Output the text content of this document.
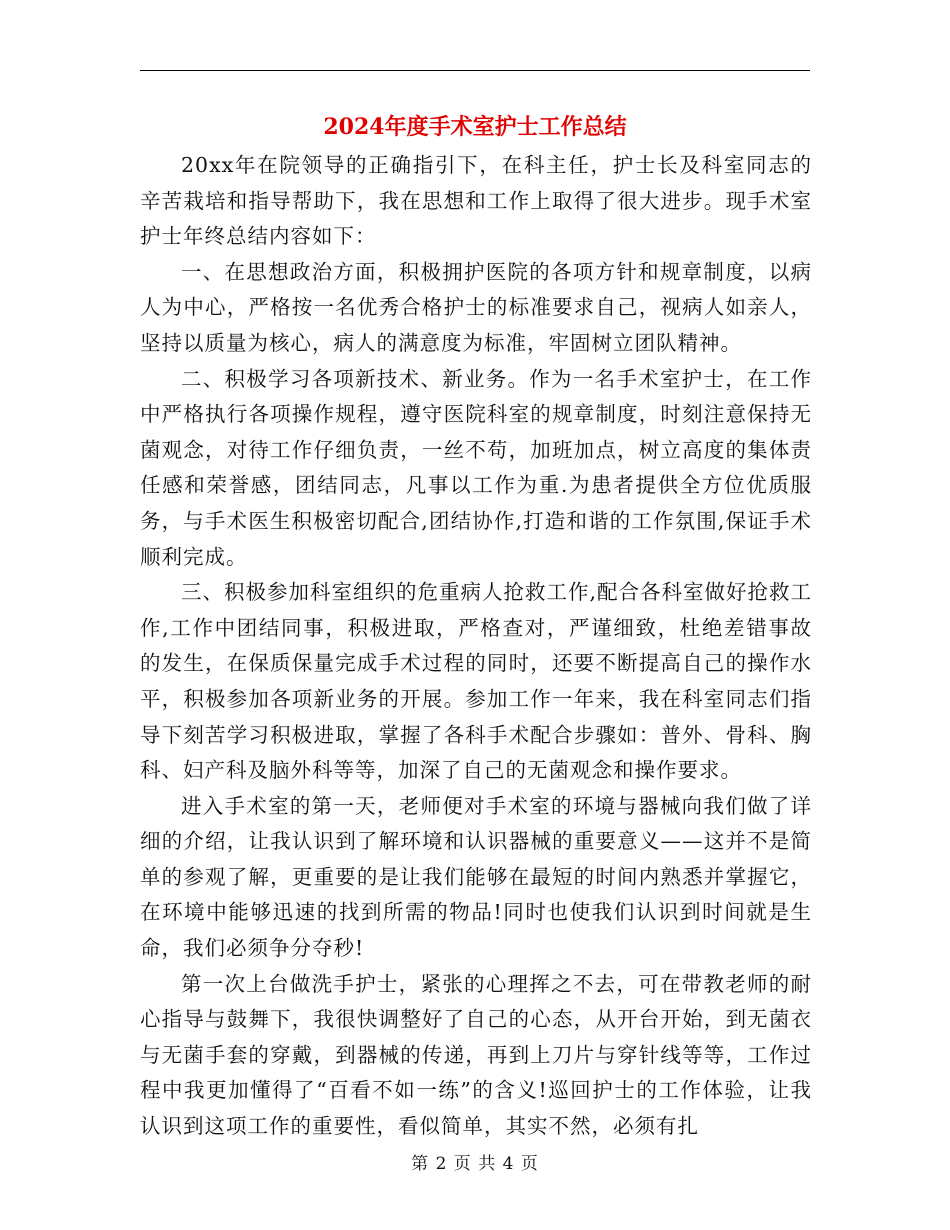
2024年度手术室护士工作总结

20xx年在院领导的正确指引下，在科主任，护士长及科室同志的辛苦栽培和指导帮助下，我在思想和工作上取得了很大进步。现手术室护士年终总结内容如下：

一、在思想政治方面，积极拥护医院的各项方针和规章制度，以病人为中心，严格按一名优秀合格护士的标准要求自己，视病人如亲人，坚持以质量为核心，病人的满意度为标准，牢固树立团队精神。

二、积极学习各项新技术、新业务。作为一名手术室护士，在工作中严格执行各项操作规程，遵守医院科室的规章制度，时刻注意保持无菌观念，对待工作仔细负责，一丝不苟，加班加点，树立高度的集体责任感和荣誉感，团结同志，凡事以工作为重.为患者提供全方位优质服务，与手术医生积极密切配合,团结协作,打造和谐的工作氛围,保证手术顺利完成。

三、积极参加科室组织的危重病人抢救工作,配合各科室做好抢救工作,工作中团结同事，积极进取，严格查对，严谨细致，杜绝差错事故的发生，在保质保量完成手术过程的同时，还要不断提高自己的操作水平，积极参加各项新业务的开展。参加工作一年来，我在科室同志们指导下刻苦学习积极进取，掌握了各科手术配合步骤如：普外、骨科、胸科、妇产科及脑外科等等，加深了自己的无菌观念和操作要求。

进入手术室的第一天，老师便对手术室的环境与器械向我们做了详细的介绍，让我认识到了解环境和认识器械的重要意义——这并不是简单的参观了解，更重要的是让我们能够在最短的时间内熟悉并掌握它，在环境中能够迅速的找到所需的物品!同时也使我们认识到时间就是生命，我们必须争分夺秒!

第一次上台做洗手护士，紧张的心理挥之不去，可在带教老师的耐心指导与鼓舞下，我很快调整好了自己的心态，从开台开始，到无菌衣与无菌手套的穿戴，到器械的传递，再到上刀片与穿针线等等，工作过程中我更加懂得了“百看不如一练”的含义!巡回护士的工作体验，让我认识到这项工作的重要性，看似简单，其实不然，必须有扎

第 2 页 共 4 页
